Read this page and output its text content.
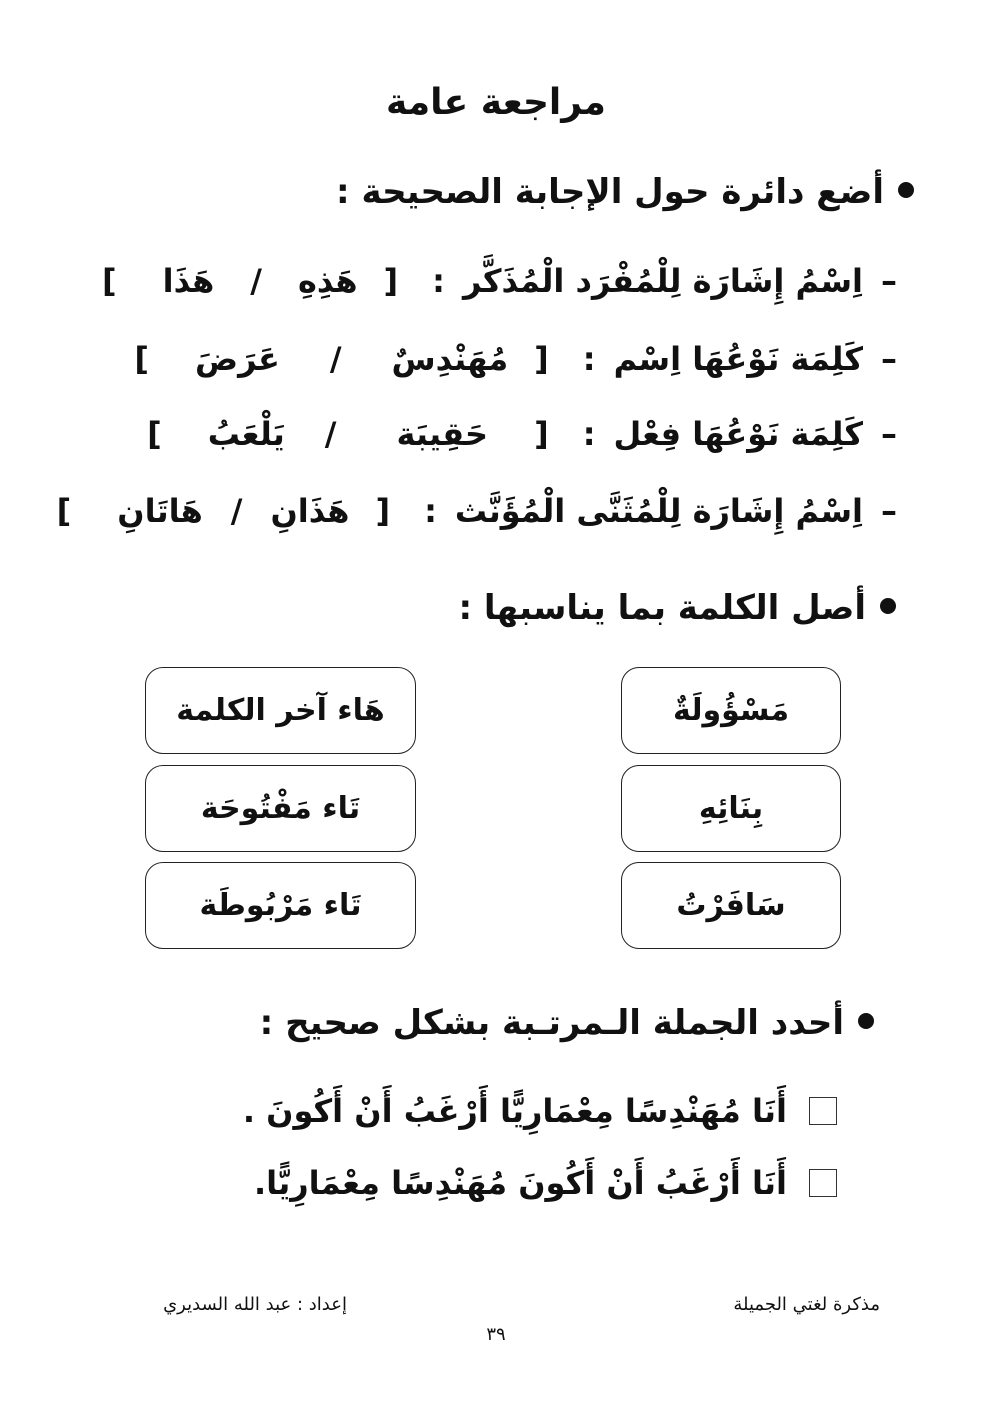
مراجعة عامة
أضع دائرة حول الإجابة الصحيحة :
–اِسْمُ إِشَارَة لِلْمُفْرَد الْمُذَكَّر:[هَذِهِ/هَذَا]
–كَلِمَة نَوْعُهَا اِسْم:[مُهَنْدِسٌ/عَرَضَ]
–كَلِمَة نَوْعُهَا فِعْل:[حَقِيبَة/يَلْعَبُ]
–اِسْمُ إِشَارَة لِلْمُثَنَّى الْمُؤَنَّث:[هَذَانِ/هَاتَانِ]
أصل الكلمة بما يناسبها :
مَسْؤُولَةٌ
بِنَائِهِ
سَافَرْتُ
هَاء آخر الكلمة
تَاء مَفْتُوحَة
تَاء مَرْبُوطَة
أحدد الجملة الـمرتـبة بشكل صحيح :
أَنَا مُهَنْدِسًا مِعْمَارِيًّا أَرْغَبُ أَنْ أَكُونَ .
أَنَا أَرْغَبُ أَنْ أَكُونَ مُهَنْدِسًا مِعْمَارِيًّا.
مذكرة لغتي الجميلة
إعداد : عبد الله السديري
٣٩
